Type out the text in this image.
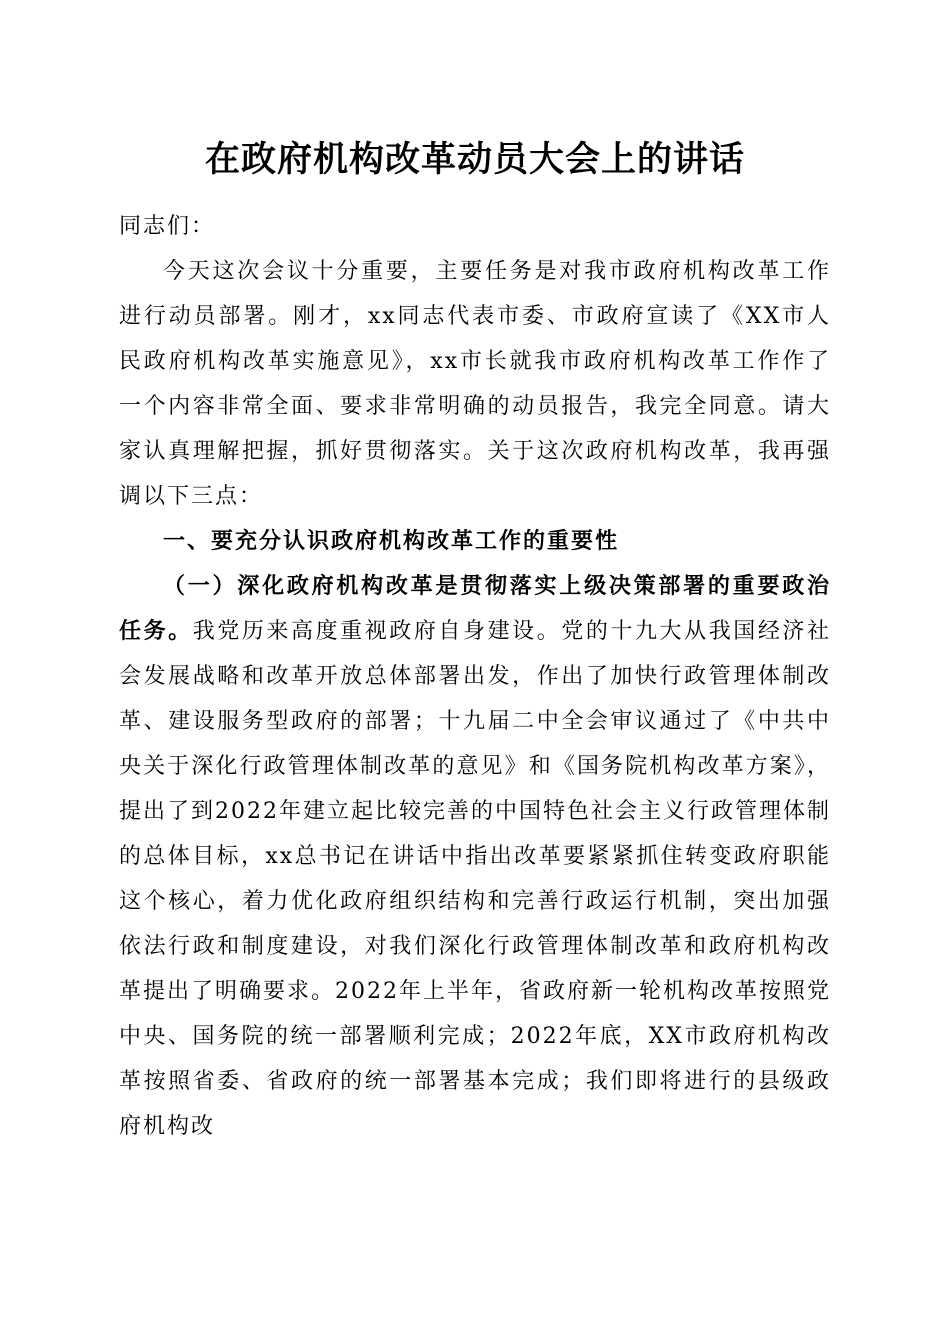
在政府机构改革动员大会上的讲话

同志们：

今天这次会议十分重要，主要任务是对我市政府机构改革工作进行动员部署。刚才，xx同志代表市委、市政府宣读了《XX市人民政府机构改革实施意见》，xx市长就我市政府机构改革工作作了一个内容非常全面、要求非常明确的动员报告，我完全同意。请大家认真理解把握，抓好贯彻落实。关于这次政府机构改革，我再强调以下三点：

一、要充分认识政府机构改革工作的重要性

（一）深化政府机构改革是贯彻落实上级决策部署的重要政治任务。我党历来高度重视政府自身建设。党的十九大从我国经济社会发展战略和改革开放总体部署出发，作出了加快行政管理体制改革、建设服务型政府的部署；十九届二中全会审议通过了《中共中央关于深化行政管理体制改革的意见》和《国务院机构改革方案》，提出了到2022年建立起比较完善的中国特色社会主义行政管理体制的总体目标，xx总书记在讲话中指出改革要紧紧抓住转变政府职能这个核心，着力优化政府组织结构和完善行政运行机制，突出加强依法行政和制度建设，对我们深化行政管理体制改革和政府机构改革提出了明确要求。2022年上半年，省政府新一轮机构改革按照党中央、国务院的统一部署顺利完成；2022年底，XX市政府机构改革按照省委、省政府的统一部署基本完成；我们即将进行的县级政府机构改
